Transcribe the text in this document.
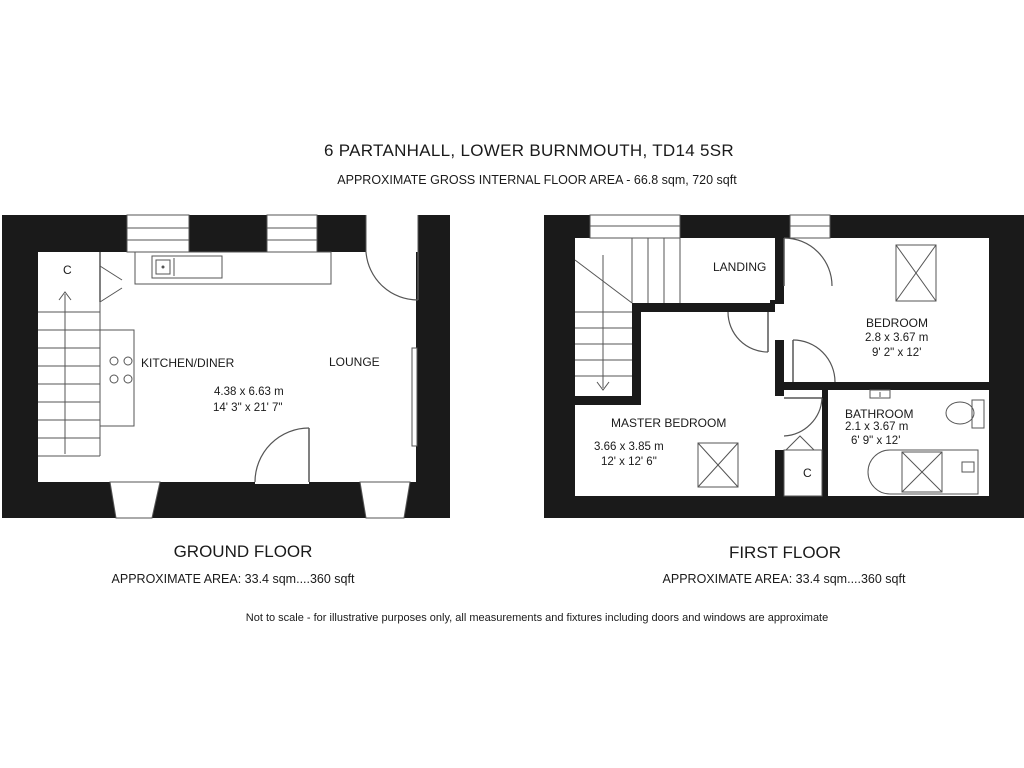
6 PARTANHALL, LOWER BURNMOUTH, TD14 5SR
APPROXIMATE GROSS INTERNAL FLOOR AREA - 66.8 sqm, 720 sqft
C
KITCHEN/DINER	LOUNGE
4.38 x 6.63 m
14' 3" x 21' 7"
LANDING
BEDROOM
2.8 x 3.67 m
9' 2" x 12'
MASTER BEDROOM
3.66 x 3.85 m
12' x 12' 6"
BATHROOM
2.1 x 3.67 m
6' 9" x 12'
C
GROUND FLOOR
APPROXIMATE AREA: 33.4 sqm....360 sqft
FIRST FLOOR
APPROXIMATE AREA: 33.4 sqm....360 sqft
Not to scale - for illustrative purposes only, all measurements and fixtures including doors and windows are approximate
